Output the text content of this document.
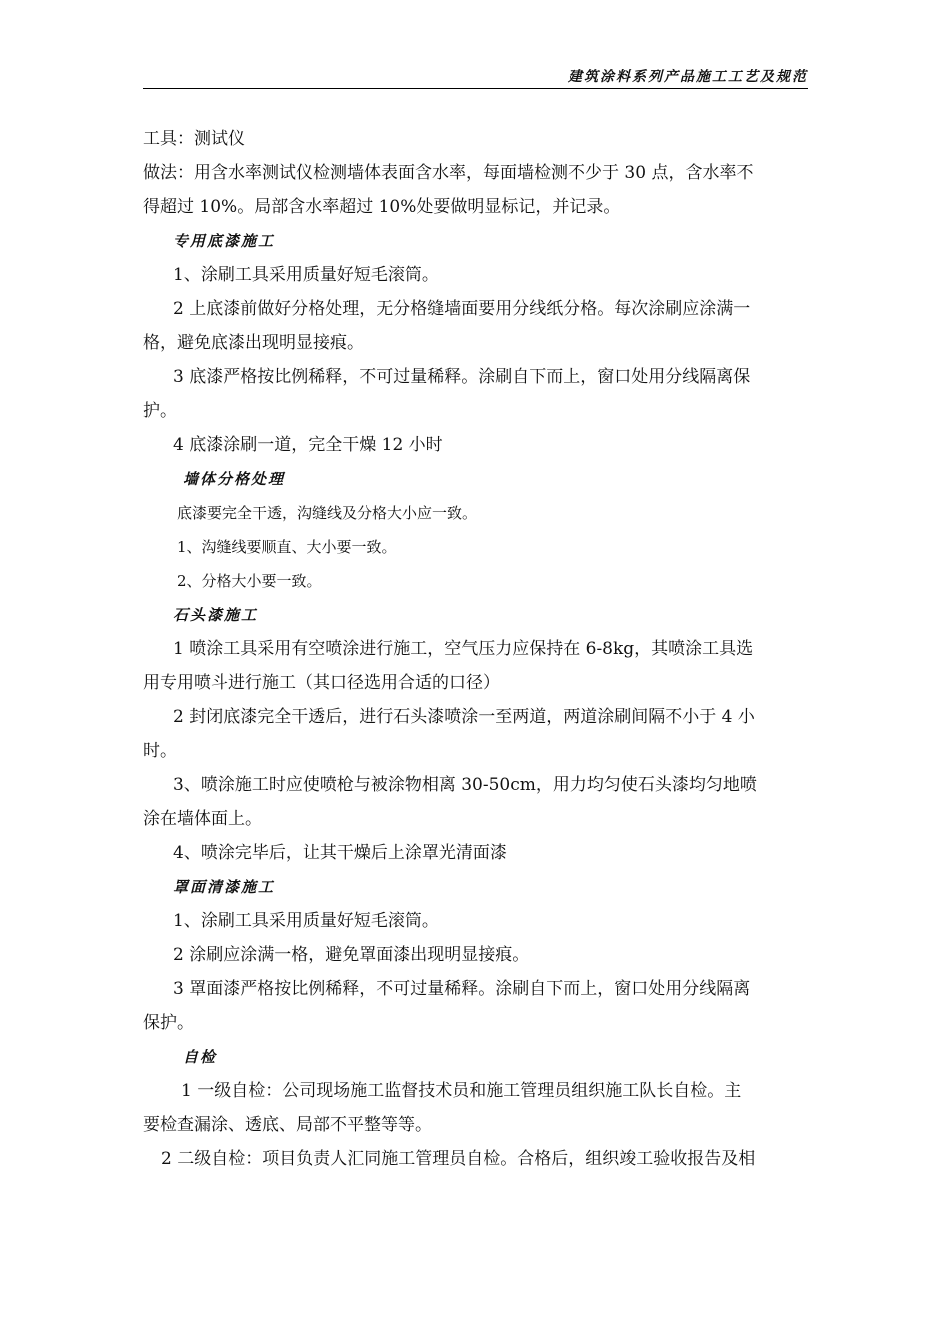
建筑涂料系列产品施工工艺及规范
工具：测试仪
做法：用含水率测试仪检测墙体表面含水率，每面墙检测不少于 30 点，含水率不
得超过 10%。局部含水率超过 10%处要做明显标记，并记录。
专用底漆施工
1、涂刷工具采用质量好短毛滚筒。
2 上底漆前做好分格处理，无分格缝墙面要用分线纸分格。每次涂刷应涂满一
格，避免底漆出现明显接痕。
3 底漆严格按比例稀释，不可过量稀释。涂刷自下而上，窗口处用分线隔离保
护。
4 底漆涂刷一道，完全干燥 12 小时
墙体分格处理
底漆要完全干透，沟缝线及分格大小应一致。
1、沟缝线要顺直、大小要一致。
2、分格大小要一致。
石头漆施工
1 喷涂工具采用有空喷涂进行施工，空气压力应保持在 6-8kg，其喷涂工具选
用专用喷斗进行施工（其口径选用合适的口径）
2 封闭底漆完全干透后，进行石头漆喷涂一至两道，两道涂刷间隔不小于 4 小
时。
3、喷涂施工时应使喷枪与被涂物相离 30-50cm，用力均匀使石头漆均匀地喷
涂在墙体面上。
4、喷涂完毕后，让其干燥后上涂罩光清面漆
罩面清漆施工
1、涂刷工具采用质量好短毛滚筒。
2 涂刷应涂满一格，避免罩面漆出现明显接痕。
3 罩面漆严格按比例稀释，不可过量稀释。涂刷自下而上，窗口处用分线隔离
保护。
自检
1 一级自检：公司现场施工监督技术员和施工管理员组织施工队长自检。主
要检查漏涂、透底、局部不平整等等。
2 二级自检：项目负责人汇同施工管理员自检。合格后，组织竣工验收报告及相
